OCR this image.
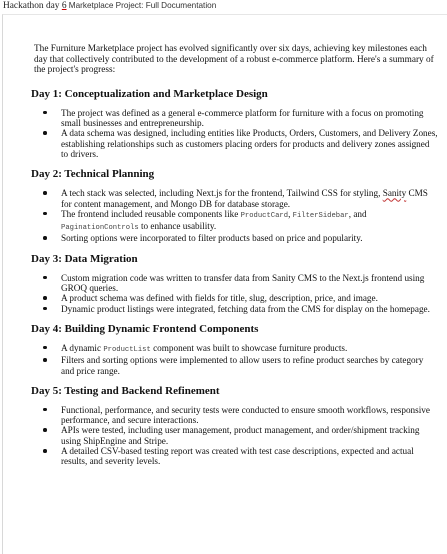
Hackathon day 6 Marketplace Project: Full Documentation

The Furniture Marketplace project has evolved significantly over six days, achieving key milestones each day that collectively contributed to the development of a robust e-commerce platform. Here's a summary of the project's progress:

Day 1: Conceptualization and Marketplace Design
The project was defined as a general e-commerce platform for furniture with a focus on promoting small businesses and entrepreneurship.
A data schema was designed, including entities like Products, Orders, Customers, and Delivery Zones, establishing relationships such as customers placing orders for products and delivery zones assigned to drivers.
Day 2: Technical Planning
A tech stack was selected, including Next.js for the frontend, Tailwind CSS for styling, Sanity CMS for content management, and Mongo DB for database storage.
The frontend included reusable components like ProductCard, FilterSidebar, and PaginationControls to enhance usability.
Sorting options were incorporated to filter products based on price and popularity.
Day 3: Data Migration
Custom migration code was written to transfer data from Sanity CMS to the Next.js frontend using GROQ queries.
A product schema was defined with fields for title, slug, description, price, and image.
Dynamic product listings were integrated, fetching data from the CMS for display on the homepage.
Day 4: Building Dynamic Frontend Components
A dynamic ProductList component was built to showcase furniture products.
Filters and sorting options were implemented to allow users to refine product searches by category and price range.
Day 5: Testing and Backend Refinement
Functional, performance, and security tests were conducted to ensure smooth workflows, responsive performance, and secure interactions.
APIs were tested, including user management, product management, and order/shipment tracking using ShipEngine and Stripe.
A detailed CSV-based testing report was created with test case descriptions, expected and actual results, and severity levels.
